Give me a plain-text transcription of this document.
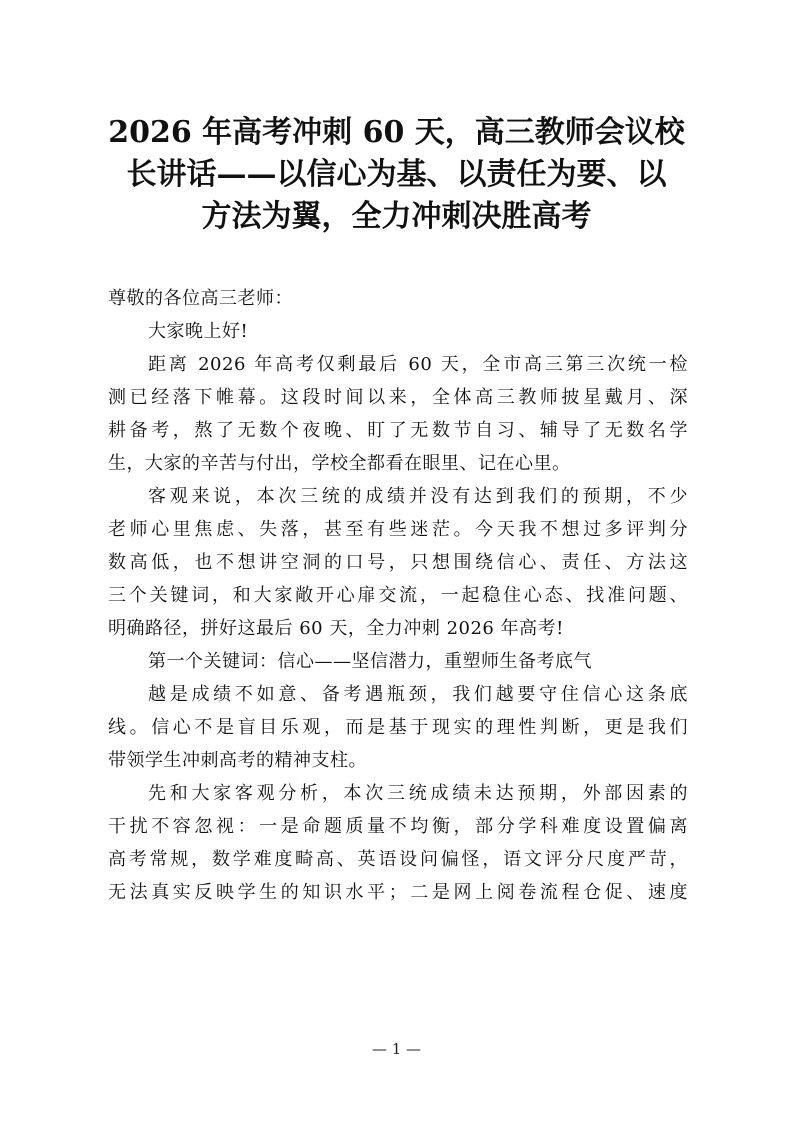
2026 年高考冲刺 60 天，高三教师会议校
长讲话——以信心为基、以责任为要、以
方法为翼，全力冲刺决胜高考
尊敬的各位高三老师：
大家晚上好!
距离 2026 年高考仅剩最后 60 天，全市高三第三次统一检
测已经落下帷幕。这段时间以来，全体高三教师披星戴月、深
耕备考，熬了无数个夜晚、盯了无数节自习、辅导了无数名学
生，大家的辛苦与付出，学校全都看在眼里、记在心里。
客观来说，本次三统的成绩并没有达到我们的预期，不少
老师心里焦虑、失落，甚至有些迷茫。今天我不想过多评判分
数高低，也不想讲空洞的口号，只想围绕信心、责任、方法这
三个关键词，和大家敞开心扉交流，一起稳住心态、找准问题、
明确路径，拼好这最后 60 天，全力冲刺 2026 年高考!
第一个关键词：信心——坚信潜力，重塑师生备考底气
越是成绩不如意、备考遇瓶颈，我们越要守住信心这条底
线。信心不是盲目乐观，而是基于现实的理性判断，更是我们
带领学生冲刺高考的精神支柱。
先和大家客观分析，本次三统成绩未达预期，外部因素的
干扰不容忽视：一是命题质量不均衡，部分学科难度设置偏离
高考常规，数学难度畸高、英语设问偏怪，语文评分尺度严苛，
无法真实反映学生的知识水平；二是网上阅卷流程仓促、速度
— 1 —
